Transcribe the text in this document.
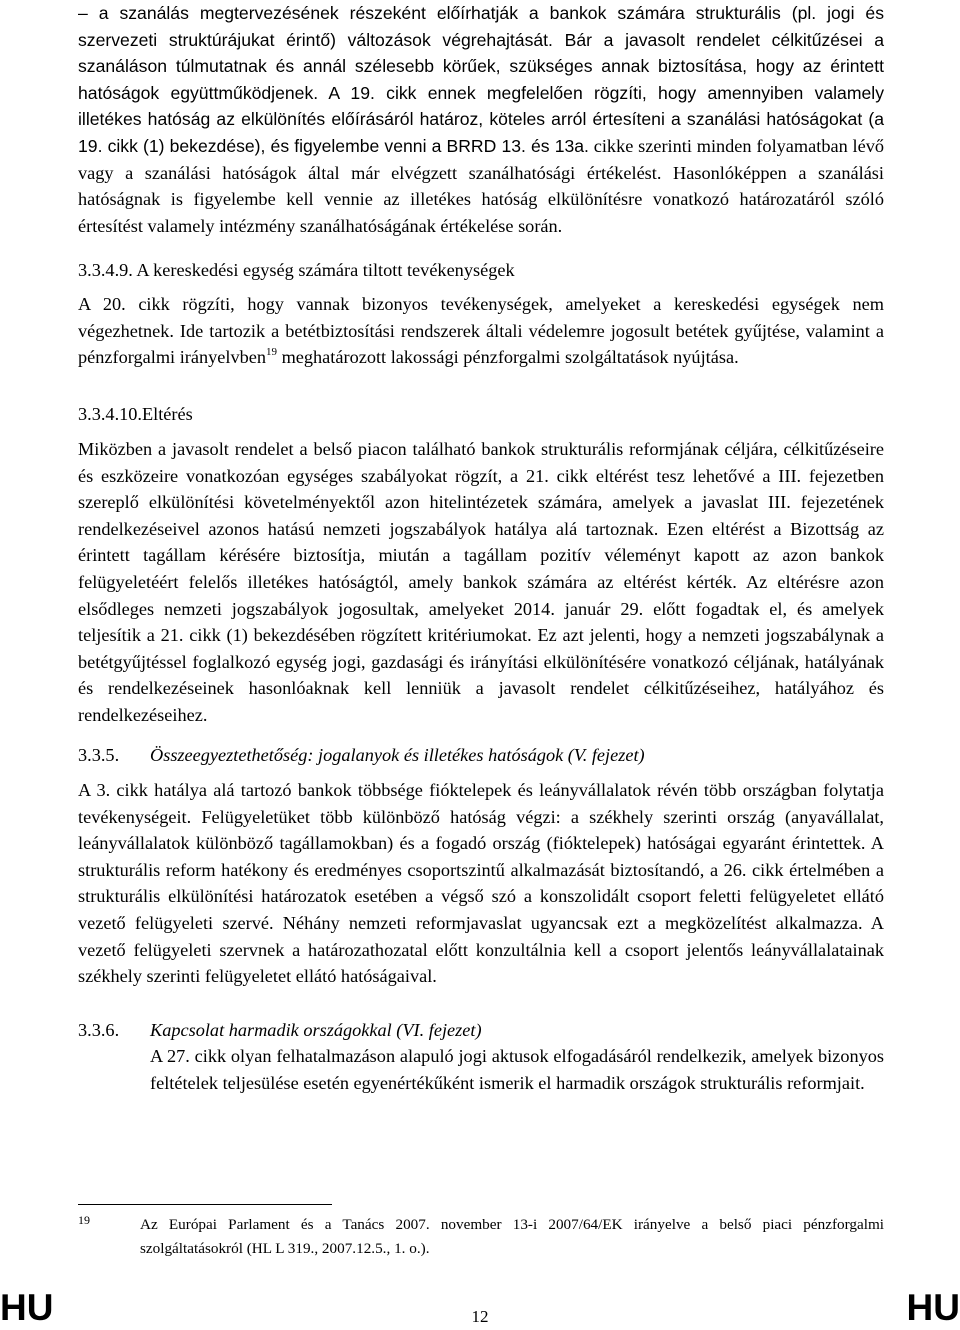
– a szanálás megtervezésének részeként előírhatják a bankok számára strukturális (pl. jogi és szervezeti struktúrájukat érintő) változások végrehajtását. Bár a javasolt rendelet célkitűzései a szanáláson túlmutatnak és annál szélesebb körűek, szükséges annak biztosítása, hogy az érintett hatóságok együttműködjenek. A 19. cikk ennek megfelelően rögzíti, hogy amennyiben valamely illetékes hatóság az elkülönítés előírásáról határoz, köteles arról értesíteni a szanálási hatóságokat (a 19. cikk (1) bekezdése), és figyelembe venni a BRRD 13. és 13a. cikke szerinti minden folyamatban lévő vagy a szanálási hatóságok által már elvégzett szanálhatósági értékelést. Hasonlóképpen a szanálási hatóságnak is figyelembe kell vennie az illetékes hatóság elkülönítésre vonatkozó határozatáról szóló értesítést valamely intézmény szanálhatóságának értékelése során.
3.3.4.9. A kereskedési egység számára tiltott tevékenységek
A 20. cikk rögzíti, hogy vannak bizonyos tevékenységek, amelyeket a kereskedési egységek nem végezhetnek. Ide tartozik a betétbiztosítási rendszerek általi védelemre jogosult betétek gyűjtése, valamint a pénzforgalmi irányelvben$^{19}$ meghatározott lakossági pénzforgalmi szolgáltatások nyújtása.
3.3.4.10.Eltérés
Miközben a javasolt rendelet a belső piacon található bankok strukturális reformjának céljára, célkitűzéseire és eszközeire vonatkozóan egységes szabályokat rögzít, a 21. cikk eltérést tesz lehetővé a III. fejezetben szereplő elkülönítési követelményektől azon hitelintézetek számára, amelyek a javaslat III. fejezetének rendelkezéseivel azonos hatású nemzeti jogszabályok hatálya alá tartoznak. Ezen eltérést a Bizottság az érintett tagállam kérésére biztosítja, miután a tagállam pozitív véleményt kapott az azon bankok felügyeletéért felelős illetékes hatóságtól, amely bankok számára az eltérést kérték. Az eltérésre azon elsődleges nemzeti jogszabályok jogosultak, amelyeket 2014. január 29. előtt fogadtak el, és amelyek teljesítik a 21. cikk (1) bekezdésében rögzített kritériumokat. Ez azt jelenti, hogy a nemzeti jogszabálynak a betétgyűjtéssel foglalkozó egység jogi, gazdasági és irányítási elkülönítésére vonatkozó céljának, hatályának és rendelkezéseinek hasonlóaknak kell lenniük a javasolt rendelet célkitűzéseihez, hatályához és rendelkezéseihez.
3.3.5. Összeegyeztethetőség: jogalanyok és illetékes hatóságok (V. fejezet)
A 3. cikk hatálya alá tartozó bankok többsége fióktelepek és leányvállalatok révén több országban folytatja tevékenységeit. Felügyeletüket több különböző hatóság végzi: a székhely szerinti ország (anyavállalat, leányvállalatok különböző tagállamokban) és a fogadó ország (fióktelepek) hatóságai egyaránt érintettek. A strukturális reform hatékony és eredményes csoportszintű alkalmazását biztosítandó, a 26. cikk értelmében a strukturális elkülönítési határozatok esetében a végső szó a konszolidált csoport feletti felügyeletet ellátó vezető felügyeleti szervé. Néhány nemzeti reformjavaslat ugyancsak ezt a megközelítést alkalmazza. A vezető felügyeleti szervnek a határozathozatal előtt konzultálnia kell a csoport jelentős leányvállalatainak székhely szerinti felügyeletet ellátó hatóságaival.
3.3.6. Kapcsolat harmadik országokkal (VI. fejezet)
A 27. cikk olyan felhatalmazáson alapuló jogi aktusok elfogadásáról rendelkezik, amelyek bizonyos feltételek teljesülése esetén egyenértékűként ismerik el harmadik országok strukturális reformjait.
19	Az Európai Parlament és a Tanács 2007. november 13-i 2007/64/EK irányelve a belső piaci pénzforgalmi szolgáltatásokról (HL L 319., 2007.12.5., 1. o.).
HU	12	HU
